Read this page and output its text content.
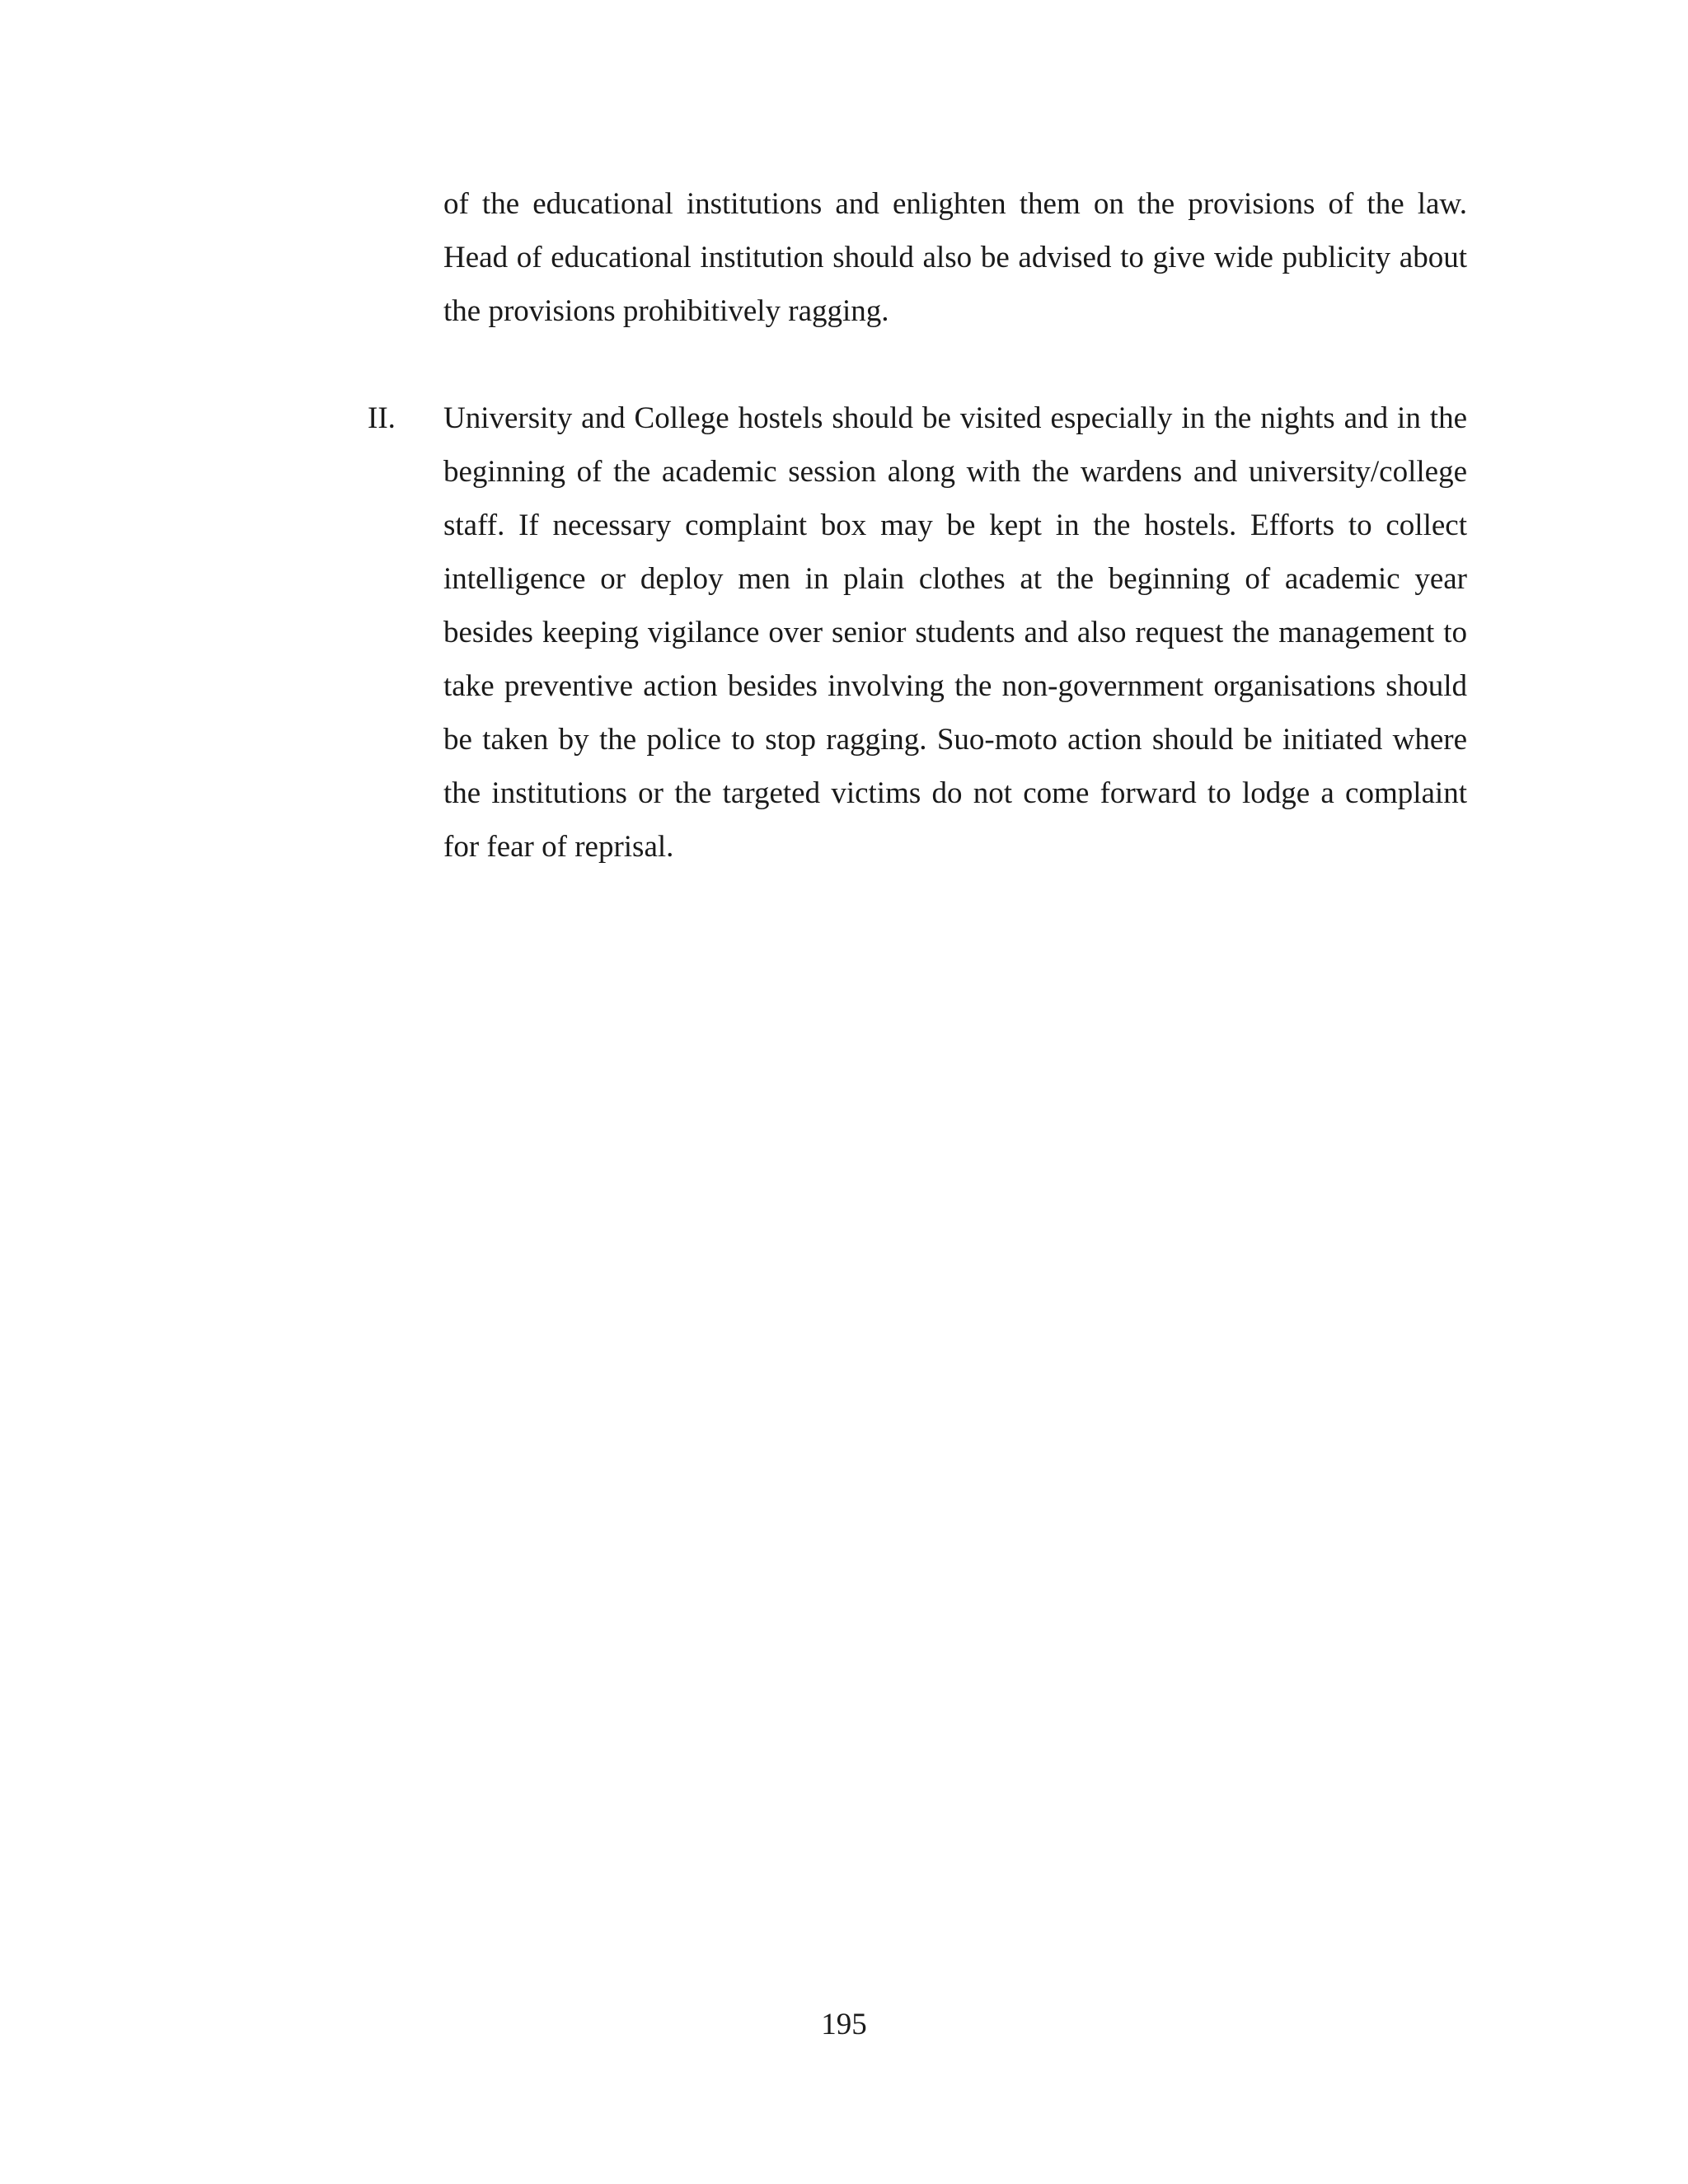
of the educational institutions and enlighten them on the provisions of the law. Head of educational institution should also be advised to give wide publicity about the provisions prohibitively ragging.

II. University and College hostels should be visited especially in the nights and in the beginning of the academic session along with the wardens and university/college staff. If necessary complaint box may be kept in the hostels. Efforts to collect intelligence or deploy men in plain clothes at the beginning of academic year besides keeping vigilance over senior students and also request the management to take preventive action besides involving the non-government organisations should be taken by the police to stop ragging. Suo-moto action should be initiated where the institutions or the targeted victims do not come forward to lodge a complaint for fear of reprisal.

195
